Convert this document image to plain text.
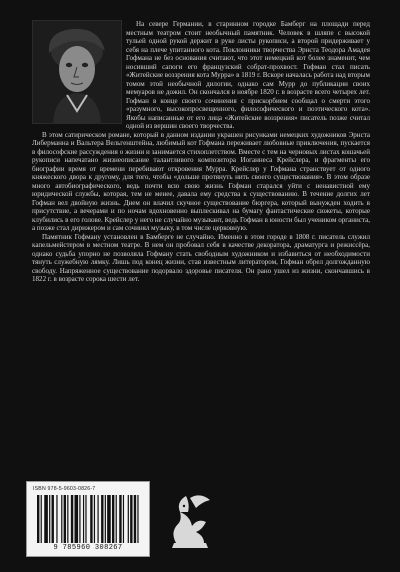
На севере Германии, в старинном городке Бамберг на площади перед местным театром стоит необычный памятник. Человек в шляпе с высокой тульей одной рукой держит в руке листы рукописи, а второй придерживает у себя на плече упитанного кота. Поклонники творчества Эрнста Теодора Амадея Гофмана не без основания считают, что этот немецкий кот более знаменит, чем носивший сапоги его французский собрат-прохвост. Гофман стал писать «Житейские воззрения кота Мурра» в 1819 г. Вскоре началась работа над вторым томом этой необычной дилогии, однако сам Мурр до публикации своих мемуаров не дожил. Он скончался в ноябре 1820 г. в возрасте всего четырех лет. Гофман в конце своего сочинения с прискорбием сообщал о смерти этого «разумного, высокопросвещенного, философического и поэтического кота». Якобы написанные от его лица «Житейские воззрения» писатель позже считал одной из вершин своего творчества.

В этом сатирическом романе, который в данном издании украшен рисунками немецких художников Эрнста Либерманна и Вальтера Вельгенштейна, любимый кот Гофмана переживает любовные приключения, пускается в философские рассуждения о жизни и занимается стихоплетством. Вместе с тем на черновых листах кошачьей рукописи напечатано жизнеописание талантливого композитора Иоганнеса Крейслера, и фрагменты его биографии время от времени перебивают откровения Мурра. Крейслер у Гофмана странствует от одного княжеского двора к другому, для того, чтобы «дольше протянуть нить своего существования». В этом образе много автобиографического, ведь почти всю свою жизнь Гофман старался уйти с ненавистной ему юридической службы, которая, тем не менее, давала ему средства к существованию. В течение долгих лет Гофман вел двойную жизнь. Днем он влачил скучное существование бюргера, который вынужден ходить в присутствие, а вечерами и по ночам вдохновенно выплескивал на бумагу фантастические сюжеты, которые клубились в его голове. Крейслер у него не случайно музыкант, ведь Гофман в юности был учеником органиста, а позже стал дирижером и сам сочинял музыку, в том числе церковную.

Памятник Гофману установлен в Бамберге не случайно. Именно в этом городе в 1808 г. писатель служил капельмейстером в местном театре. В нем он пробовал себя в качестве декоратора, драматурга и режиссёра, однако судьба упорно не позволяла Гофману стать свободным художником и избавиться от необходимости тянуть служебную лямку. Лишь под конец жизни, став известным литератором, Гофман обрел долгожданную свободу. Напряженное существование подорвало здоровье писателя. Он рано ушел из жизни, скончавшись в 1822 г. в возрасте сорока шести лет.

ISBN 978-5-9603-0826-7
9 785960 308267
